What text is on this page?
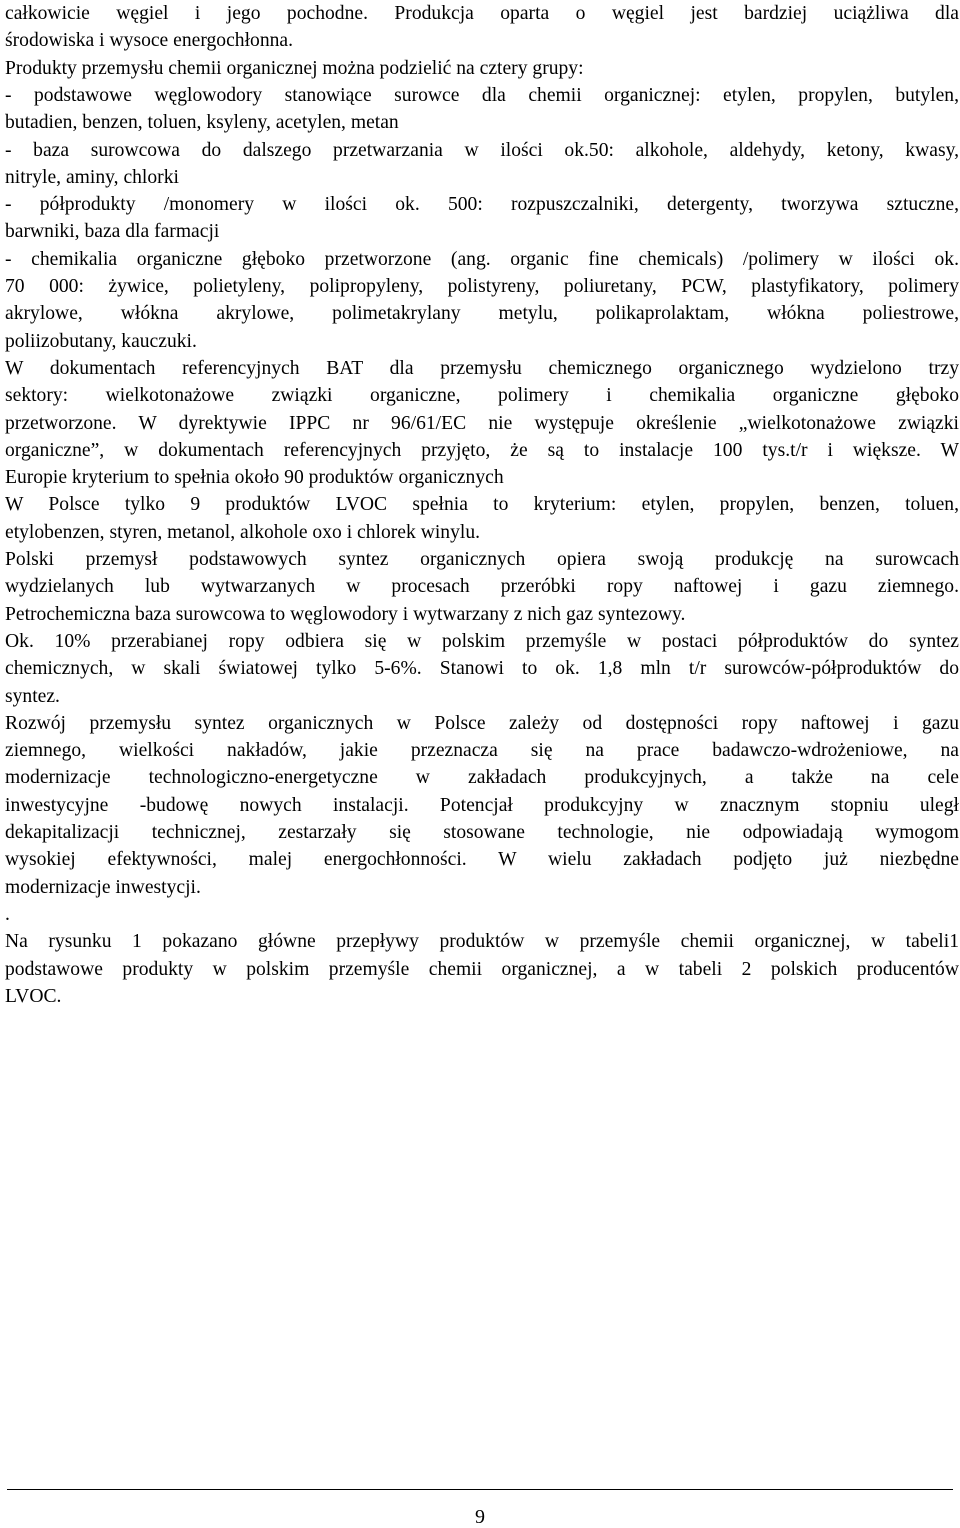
całkowicie węgiel i jego pochodne. Produkcja oparta o węgiel jest bardziej uciążliwa dla
środowiska i wysoce energochłonna.
Produkty przemysłu chemii organicznej można podzielić na cztery grupy:
- podstawowe węglowodory stanowiące surowce dla chemii organicznej: etylen, propylen, butylen,
butadien, benzen, toluen, ksyleny, acetylen, metan
- baza surowcowa do dalszego przetwarzania w ilości ok.50: alkohole, aldehydy, ketony, kwasy,
nitryle, aminy, chlorki
- półprodukty /monomery w ilości ok. 500: rozpuszczalniki, detergenty, tworzywa sztuczne,
barwniki, baza dla farmacji
- chemikalia organiczne głęboko przetworzone (ang. organic fine chemicals) /polimery w ilości ok.
70 000: żywice, polietyleny, polipropyleny, polistyreny, poliuretany, PCW, plastyfikatory, polimery
akrylowe, włókna akrylowe, polimetakrylany metylu, polikaprolaktam, włókna poliestrowe,
poliizobutany, kauczuki.
W dokumentach referencyjnych BAT dla przemysłu chemicznego organicznego wydzielono trzy
sektory: wielkotonażowe związki organiczne, polimery i chemikalia organiczne głęboko
przetworzone. W dyrektywie IPPC nr 96/61/EC nie występuje określenie „wielkotonażowe związki
organiczne”, w dokumentach referencyjnych przyjęto, że są to instalacje 100 tys.t/r i większe. W
Europie kryterium to spełnia około 90 produktów organicznych
W Polsce tylko 9 produktów LVOC spełnia to kryterium: etylen, propylen, benzen, toluen,
etylobenzen, styren, metanol, alkohole oxo i chlorek winylu.
Polski przemysł podstawowych syntez organicznych opiera swoją produkcję na surowcach
wydzielanych lub wytwarzanych w procesach przeróbki ropy naftowej i gazu ziemnego.
Petrochemiczna baza surowcowa to węglowodory i wytwarzany z nich gaz syntezowy.
Ok. 10% przerabianej ropy odbiera się w polskim przemyśle w postaci półproduktów do syntez
chemicznych, w skali światowej tylko 5-6%. Stanowi to ok. 1,8 mln t/r surowców-półproduktów do
syntez.
Rozwój przemysłu syntez organicznych w Polsce zależy od dostępności ropy naftowej i gazu
ziemnego, wielkości nakładów, jakie przeznacza się na prace badawczo-wdrożeniowe, na
modernizacje technologiczno-energetyczne w zakładach produkcyjnych, a także na cele
inwestycyjne -budowę nowych instalacji. Potencjał produkcyjny w znacznym stopniu uległ
dekapitalizacji technicznej, zestarzały się stosowane technologie, nie odpowiadają wymogom
wysokiej efektywności, malej energochłonności. W wielu zakładach podjęto już niezbędne
modernizacje inwestycji.
.
Na rysunku 1 pokazano główne przepływy produktów w przemyśle chemii organicznej, w tabeli1
podstawowe produkty w polskim przemyśle chemii organicznej, a w tabeli 2 polskich producentów
LVOC.
9
